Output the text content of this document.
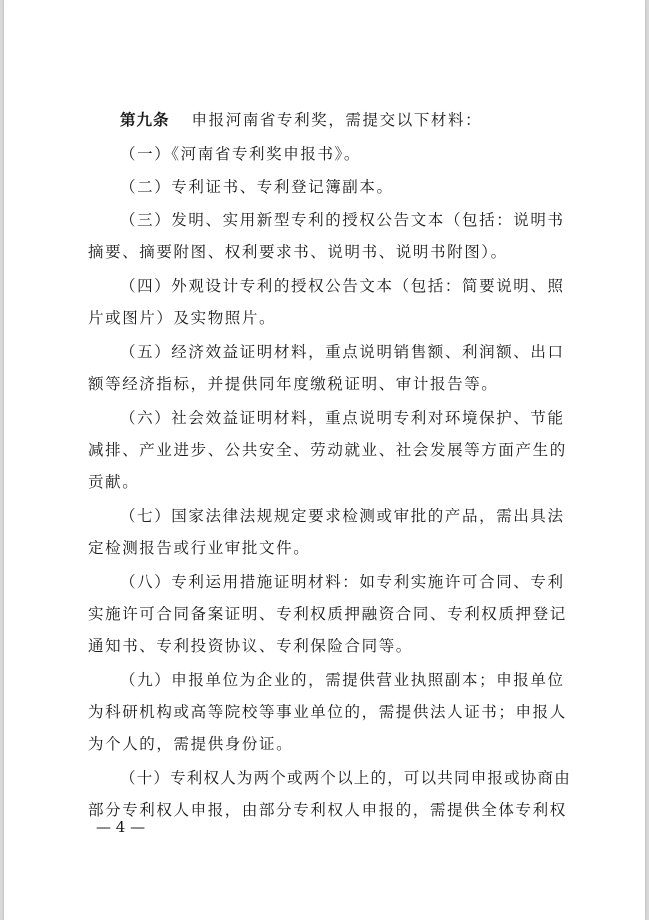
第九条 申报河南省专利奖，需提交以下材料：
（一）《河南省专利奖申报书》。
（二）专利证书、专利登记簿副本。
（三）发明、实用新型专利的授权公告文本（包括：说明书
摘要、摘要附图、权利要求书、说明书、说明书附图）。
（四）外观设计专利的授权公告文本（包括：简要说明、照
片或图片）及实物照片。
（五）经济效益证明材料，重点说明销售额、利润额、出口
额等经济指标，并提供同年度缴税证明、审计报告等。
（六）社会效益证明材料，重点说明专利对环境保护、节能
减排、产业进步、公共安全、劳动就业、社会发展等方面产生的
贡献。
（七）国家法律法规规定要求检测或审批的产品，需出具法
定检测报告或行业审批文件。
（八）专利运用措施证明材料：如专利实施许可合同、专利
实施许可合同备案证明、专利权质押融资合同、专利权质押登记
通知书、专利投资协议、专利保险合同等。
（九）申报单位为企业的，需提供营业执照副本；申报单位
为科研机构或高等院校等事业单位的，需提供法人证书；申报人
为个人的，需提供身份证。
（十）专利权人为两个或两个以上的，可以共同申报或协商由
部分专利权人申报，由部分专利权人申报的，需提供全体专利权
— 4 —
